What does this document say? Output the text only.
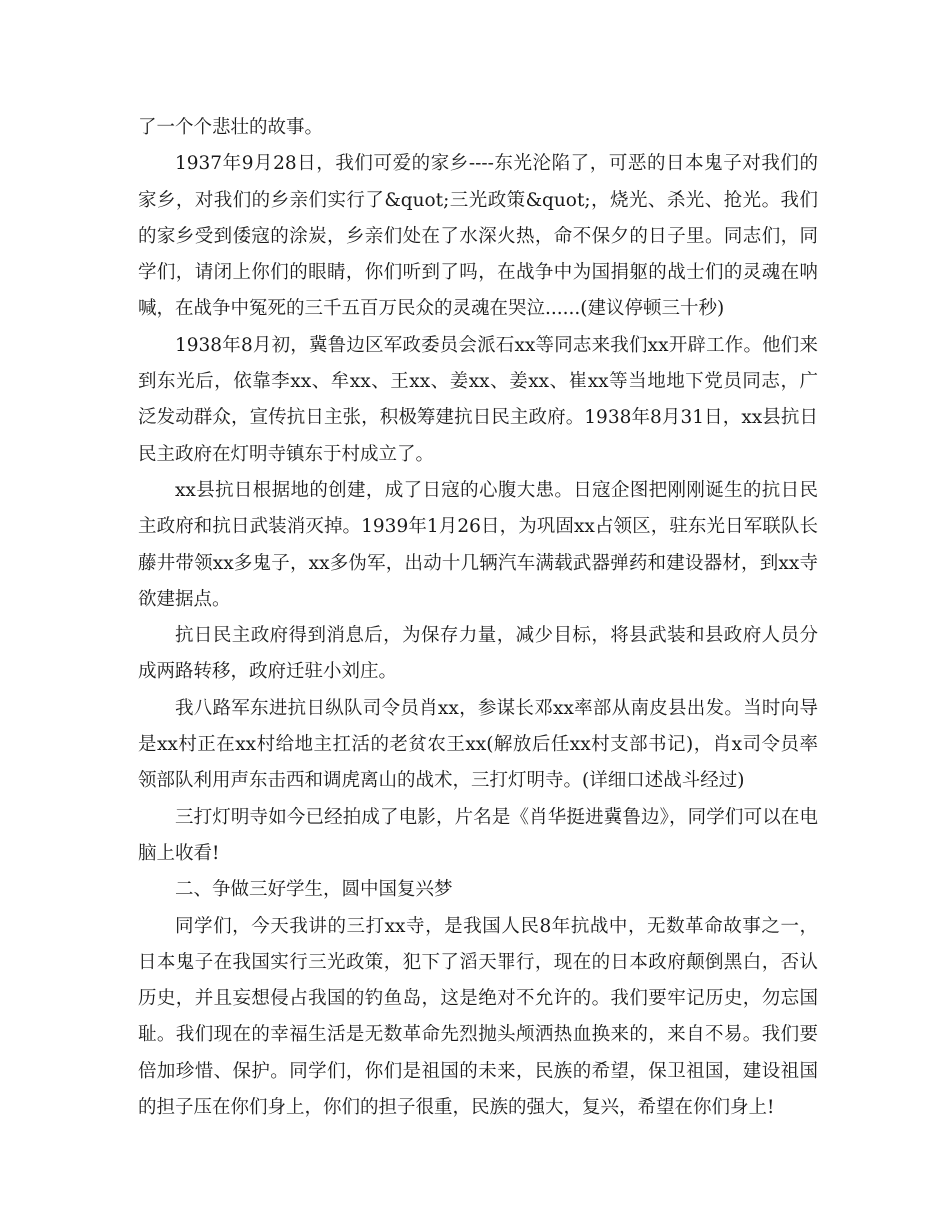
了一个个悲壮的故事。

1937年9月28日，我们可爱的家乡----东光沦陷了，可恶的日本鬼子对我们的家乡，对我们的乡亲们实行了&quot;三光政策&quot;，烧光、杀光、抢光。我们的家乡受到倭寇的涂炭，乡亲们处在了水深火热，命不保夕的日子里。同志们，同学们，请闭上你们的眼睛，你们听到了吗，在战争中为国捐躯的战士们的灵魂在呐喊，在战争中冤死的三千五百万民众的灵魂在哭泣......(建议停顿三十秒)

1938年8月初，冀鲁边区军政委员会派石xx等同志来我们xx开辟工作。他们来到东光后，依靠李xx、牟xx、王xx、姜xx、姜xx、崔xx等当地地下党员同志，广泛发动群众，宣传抗日主张，积极筹建抗日民主政府。1938年8月31日，xx县抗日民主政府在灯明寺镇东于村成立了。

xx县抗日根据地的创建，成了日寇的心腹大患。日寇企图把刚刚诞生的抗日民主政府和抗日武装消灭掉。1939年1月26日，为巩固xx占领区，驻东光日军联队长藤井带领xx多鬼子，xx多伪军，出动十几辆汽车满载武器弹药和建设器材，到xx寺欲建据点。

抗日民主政府得到消息后，为保存力量，减少目标，将县武装和县政府人员分成两路转移，政府迁驻小刘庄。

我八路军东进抗日纵队司令员肖xx，参谋长邓xx率部从南皮县出发。当时向导是xx村正在xx村给地主扛活的老贫农王xx(解放后任xx村支部书记)，肖x司令员率领部队利用声东击西和调虎离山的战术，三打灯明寺。(详细口述战斗经过)

三打灯明寺如今已经拍成了电影，片名是《肖华挺进冀鲁边》，同学们可以在电脑上收看!

二、争做三好学生，圆中国复兴梦

同学们，今天我讲的三打xx寺，是我国人民8年抗战中，无数革命故事之一，日本鬼子在我国实行三光政策，犯下了滔天罪行，现在的日本政府颠倒黑白，否认历史，并且妄想侵占我国的钓鱼岛，这是绝对不允许的。我们要牢记历史，勿忘国耻。我们现在的幸福生活是无数革命先烈抛头颅洒热血换来的，来自不易。我们要倍加珍惜、保护。同学们，你们是祖国的未来，民族的希望，保卫祖国，建设祖国的担子压在你们身上，你们的担子很重，民族的强大，复兴，希望在你们身上!
